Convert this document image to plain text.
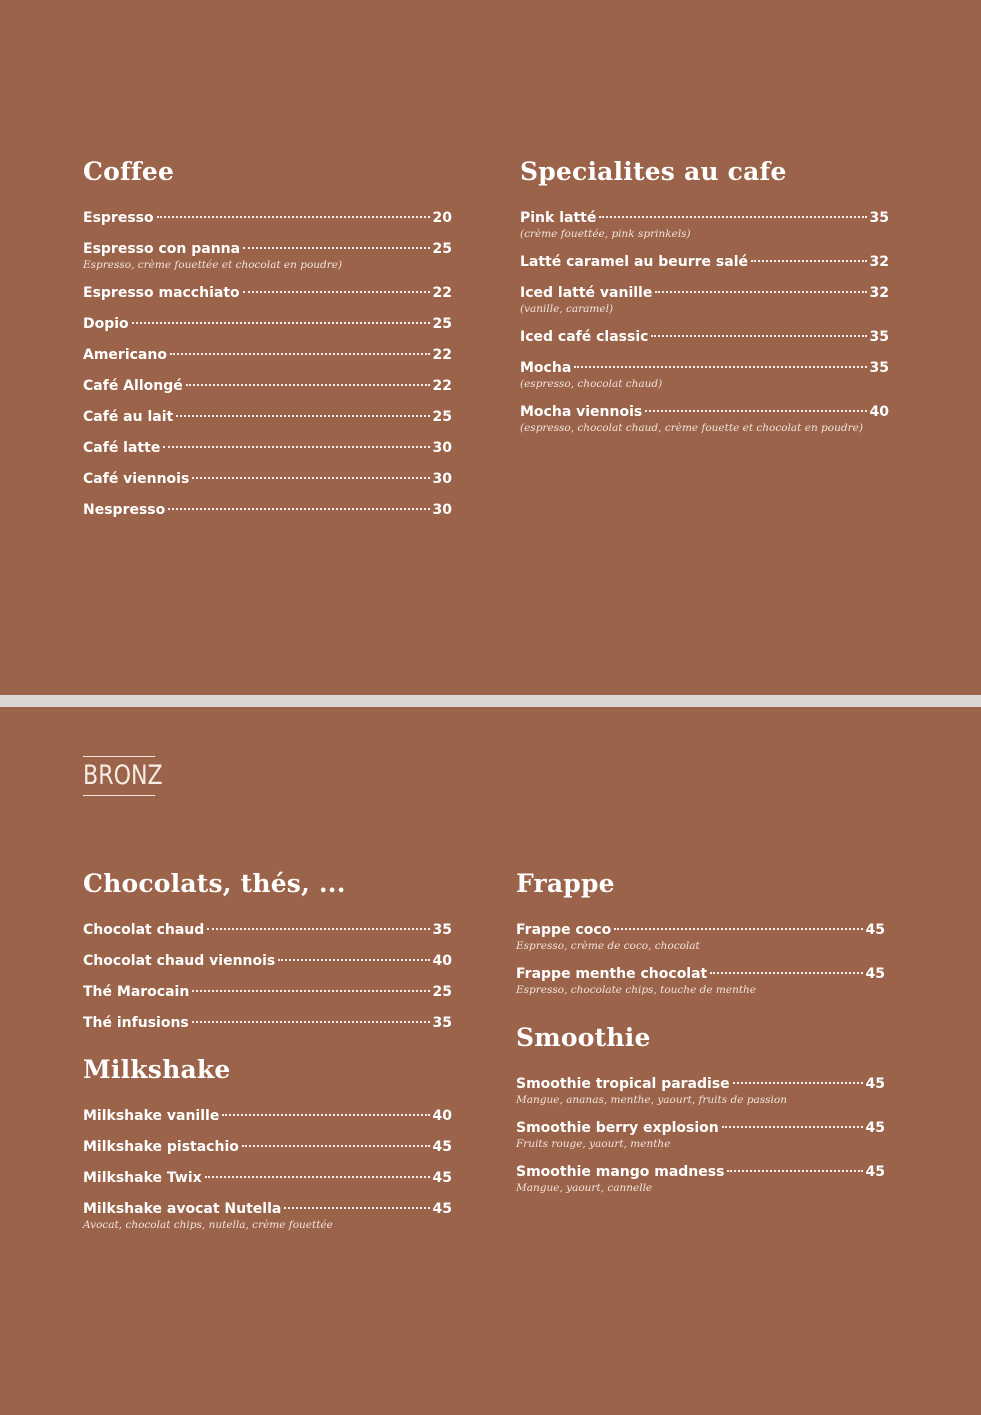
Coffee
Espresso	20
Espresso con panna	25
Espresso, crème fouettée et chocolat en poudre)
Espresso macchiato	22
Dopio	25
Americano	22
Café Allongé	22
Café au lait	25
Café latte	30
Café viennois	30
Nespresso	30
Specialites au cafe
Pink latté	35
(crème fouettée, pink sprinkels)
Latté caramel au beurre salé	32
Iced latté vanille	32
(vanille, caramel)
Iced café classic	35
Mocha	35
(espresso, chocolat chaud)
Mocha viennois	40
(espresso, chocolat chaud, crème fouette et chocolat en poudre)
BRONZ
Chocolats, thés, ...
Chocolat chaud	35
Chocolat chaud viennois	40
Thé Marocain	25
Thé infusions	35
Milkshake
Milkshake vanille	40
Milkshake pistachio	45
Milkshake Twix	45
Milkshake avocat Nutella	45
Avocat, chocolat chips, nutella, crème fouettée
Frappe
Frappe coco	45
Espresso, crème de coco, chocolat
Frappe menthe chocolat	45
Espresso, chocolate chips, touche de menthe
Smoothie
Smoothie tropical paradise	45
Mangue, ananas, menthe, yaourt, fruits de passion
Smoothie berry explosion	45
Fruits rouge, yaourt, menthe
Smoothie mango madness	45
Mangue, yaourt, cannelle
